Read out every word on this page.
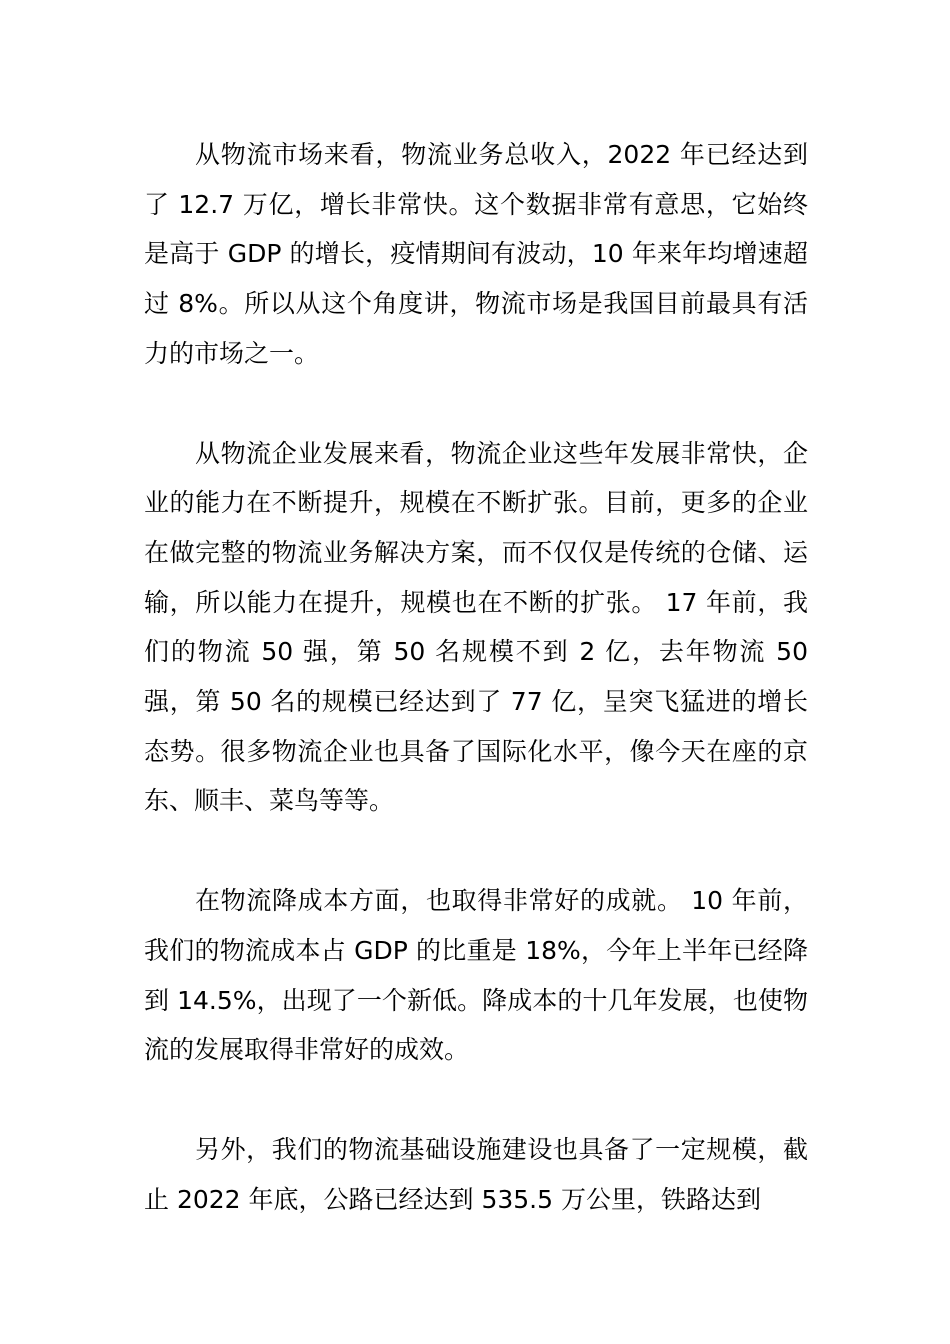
从物流市场来看，物流业务总收入，2022 年已经达到了 12.7 万亿，增长非常快。这个数据非常有意思，它始终是高于 GDP 的增长，疫情期间有波动，10 年来年均增速超过 8%。所以从这个角度讲，物流市场是我国目前最具有活力的市场之一。

从物流企业发展来看，物流企业这些年发展非常快，企业的能力在不断提升，规模在不断扩张。目前，更多的企业在做完整的物流业务解决方案，而不仅仅是传统的仓储、运输，所以能力在提升，规模也在不断的扩张。 17 年前，我们的物流 50 强，第 50 名规模不到 2 亿，去年物流 50 强，第 50 名的规模已经达到了 77 亿，呈突飞猛进的增长态势。很多物流企业也具备了国际化水平，像今天在座的京东、顺丰、菜鸟等等。

在物流降成本方面，也取得非常好的成就。 10 年前，我们的物流成本占 GDP 的比重是 18%，今年上半年已经降到 14.5%，出现了一个新低。降成本的十几年发展，也使物流的发展取得非常好的成效。

另外，我们的物流基础设施建设也具备了一定规模，截止 2022 年底，公路已经达到 535.5 万公里，铁路达到
